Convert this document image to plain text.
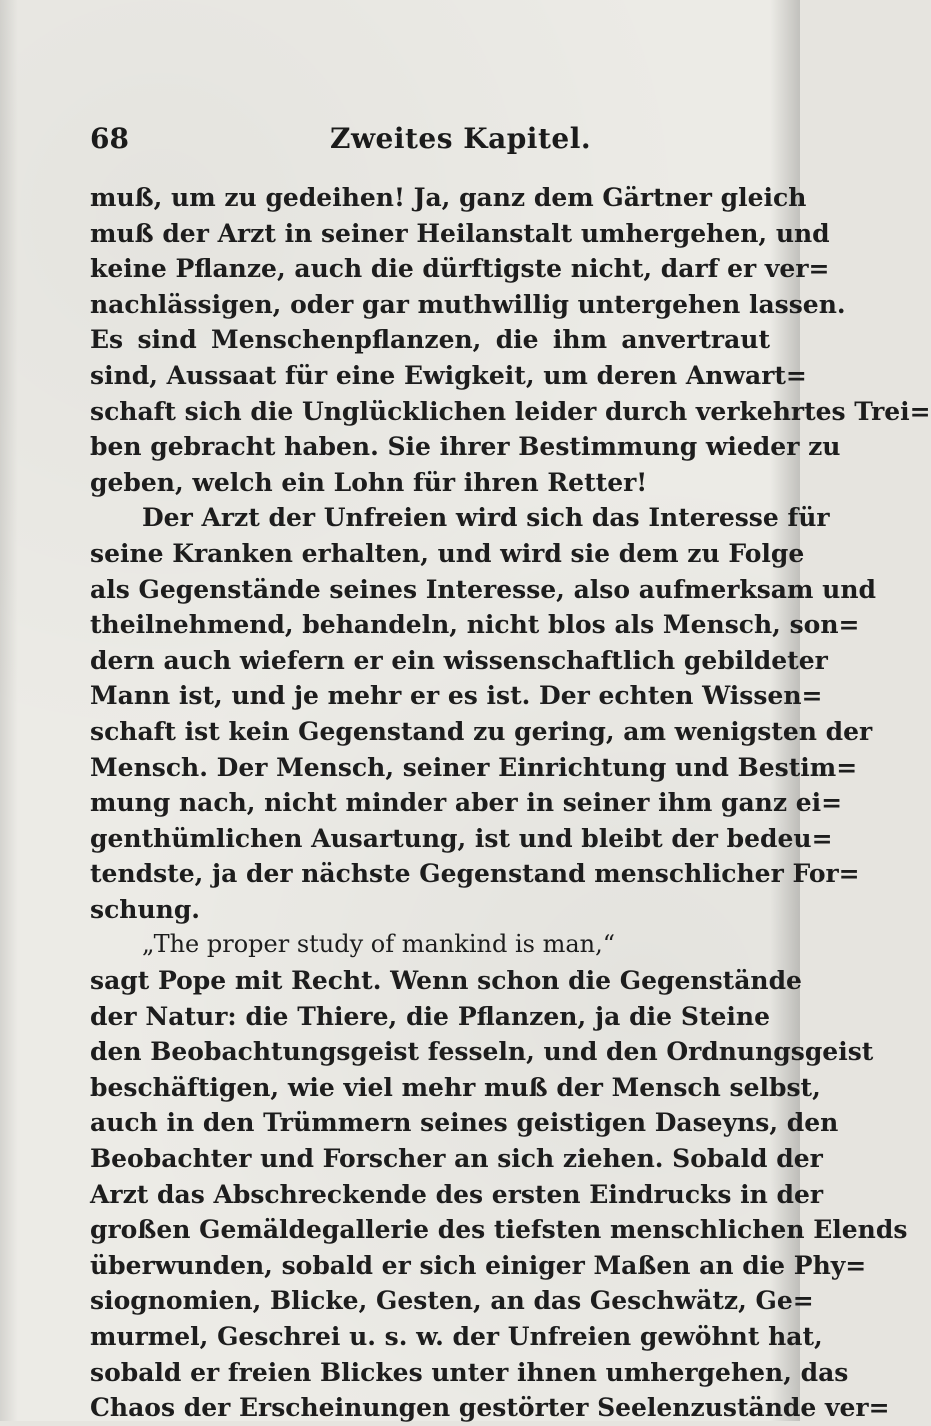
68	Zweites Kapitel.
muß, um zu gedeihen! Ja, ganz dem Gärtner gleich
muß der Arzt in seiner Heilanstalt umhergehen, und
keine Pflanze, auch die dürftigste nicht, darf er ver=
nachlässigen, oder gar muthwillig untergehen lassen.
Es sind Menschenpflanzen, die ihm anvertraut
sind, Aussaat für eine Ewigkeit, um deren Anwart=
schaft sich die Unglücklichen leider durch verkehrtes Trei=
ben gebracht haben. Sie ihrer Bestimmung wieder zu
geben, welch ein Lohn für ihren Retter!
Der Arzt der Unfreien wird sich das Interesse für
seine Kranken erhalten, und wird sie dem zu Folge
als Gegenstände seines Interesse, also aufmerksam und
theilnehmend, behandeln, nicht blos als Mensch, son=
dern auch wiefern er ein wissenschaftlich gebildeter
Mann ist, und je mehr er es ist. Der echten Wissen=
schaft ist kein Gegenstand zu gering, am wenigsten der
Mensch. Der Mensch, seiner Einrichtung und Bestim=
mung nach, nicht minder aber in seiner ihm ganz ei=
genthümlichen Ausartung, ist und bleibt der bedeu=
tendste, ja der nächste Gegenstand menschlicher For=
schung.
„The proper study of mankind is man,“
sagt Pope mit Recht. Wenn schon die Gegenstände
der Natur: die Thiere, die Pflanzen, ja die Steine
den Beobachtungsgeist fesseln, und den Ordnungsgeist
beschäftigen, wie viel mehr muß der Mensch selbst,
auch in den Trümmern seines geistigen Daseyns, den
Beobachter und Forscher an sich ziehen. Sobald der
Arzt das Abschreckende des ersten Eindrucks in der
großen Gemäldegallerie des tiefsten menschlichen Elends
überwunden, sobald er sich einiger Maßen an die Phy=
siognomien, Blicke, Gesten, an das Geschwätz, Ge=
murmel, Geschrei u. s. w. der Unfreien gewöhnt hat,
sobald er freien Blickes unter ihnen umhergehen, das
Chaos der Erscheinungen gestörter Seelenzustände ver=
